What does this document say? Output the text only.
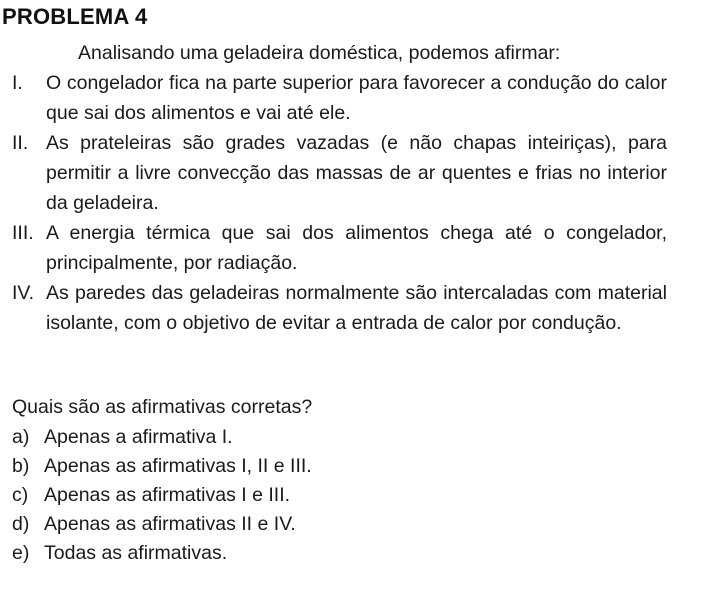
PROBLEMA 4
Analisando uma geladeira doméstica, podemos afirmar:
I.	O congelador fica na parte superior para favorecer a condução do calor que sai dos alimentos e vai até ele.
II. As prateleiras são grades vazadas (e não chapas inteiriças), para permitir a livre convecção das massas de ar quentes e frias no interior da geladeira.
III. A energia térmica que sai dos alimentos chega até o congelador, principalmente, por radiação.
IV. As paredes das geladeiras normalmente são intercaladas com material isolante, com o objetivo de evitar a entrada de calor por condução.
Quais são as afirmativas corretas?
a) Apenas a afirmativa I.
b) Apenas as afirmativas I, II e III.
c) Apenas as afirmativas I e III.
d) Apenas as afirmativas II e IV.
e) Todas as afirmativas.
